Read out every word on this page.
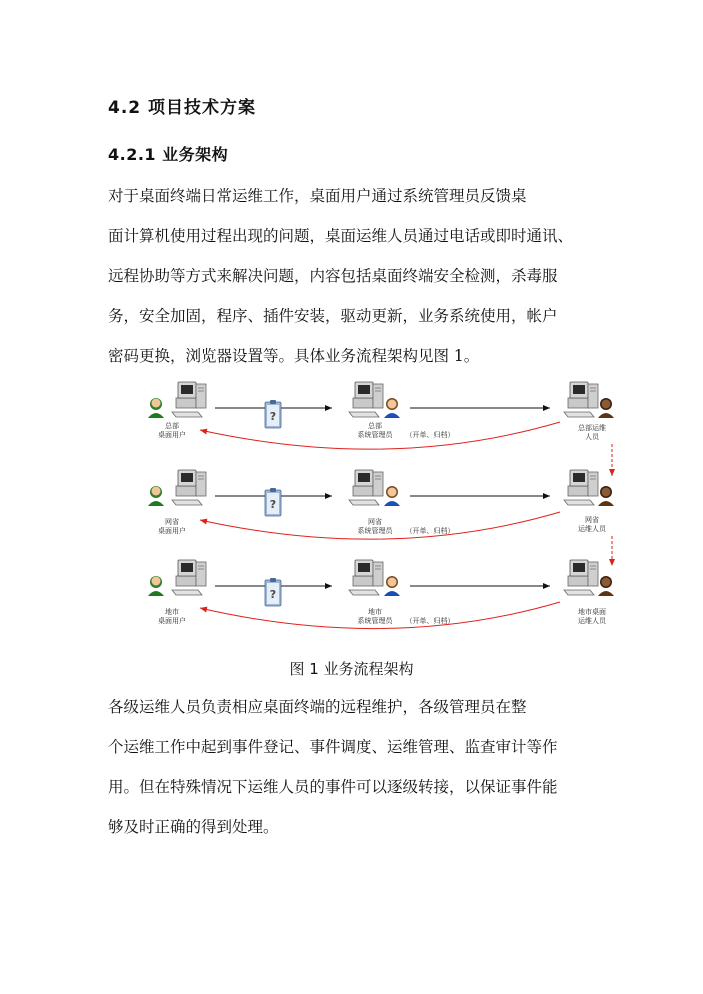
4.2 项目技术方案
4.2.1 业务架构
对于桌面终端日常运维工作，桌面用户通过系统管理员反馈桌
面计算机使用过程出现的问题，桌面运维人员通过电话或即时通讯、
远程协助等方式来解决问题，内容包括桌面终端安全检测，杀毒服
务，安全加固，程序、插件安装，驱动更新，业务系统使用，帐户
密码更换，浏览器设置等。具体业务流程架构见图 1。
?
总部
桌面用户
总部
系统管理员 （开单、归档）
总部运维
人员
网省
桌面用户
网省
系统管理员 （开单、归档）
网省
运维人员
地市
桌面用户
地市
系统管理员 （开单、归档）
地市桌面
运维人员
图 1 业务流程架构
各级运维人员负责相应桌面终端的远程维护，各级管理员在整
个运维工作中起到事件登记、事件调度、运维管理、监查审计等作
用。但在特殊情况下运维人员的事件可以逐级转接，以保证事件能
够及时正确的得到处理。
